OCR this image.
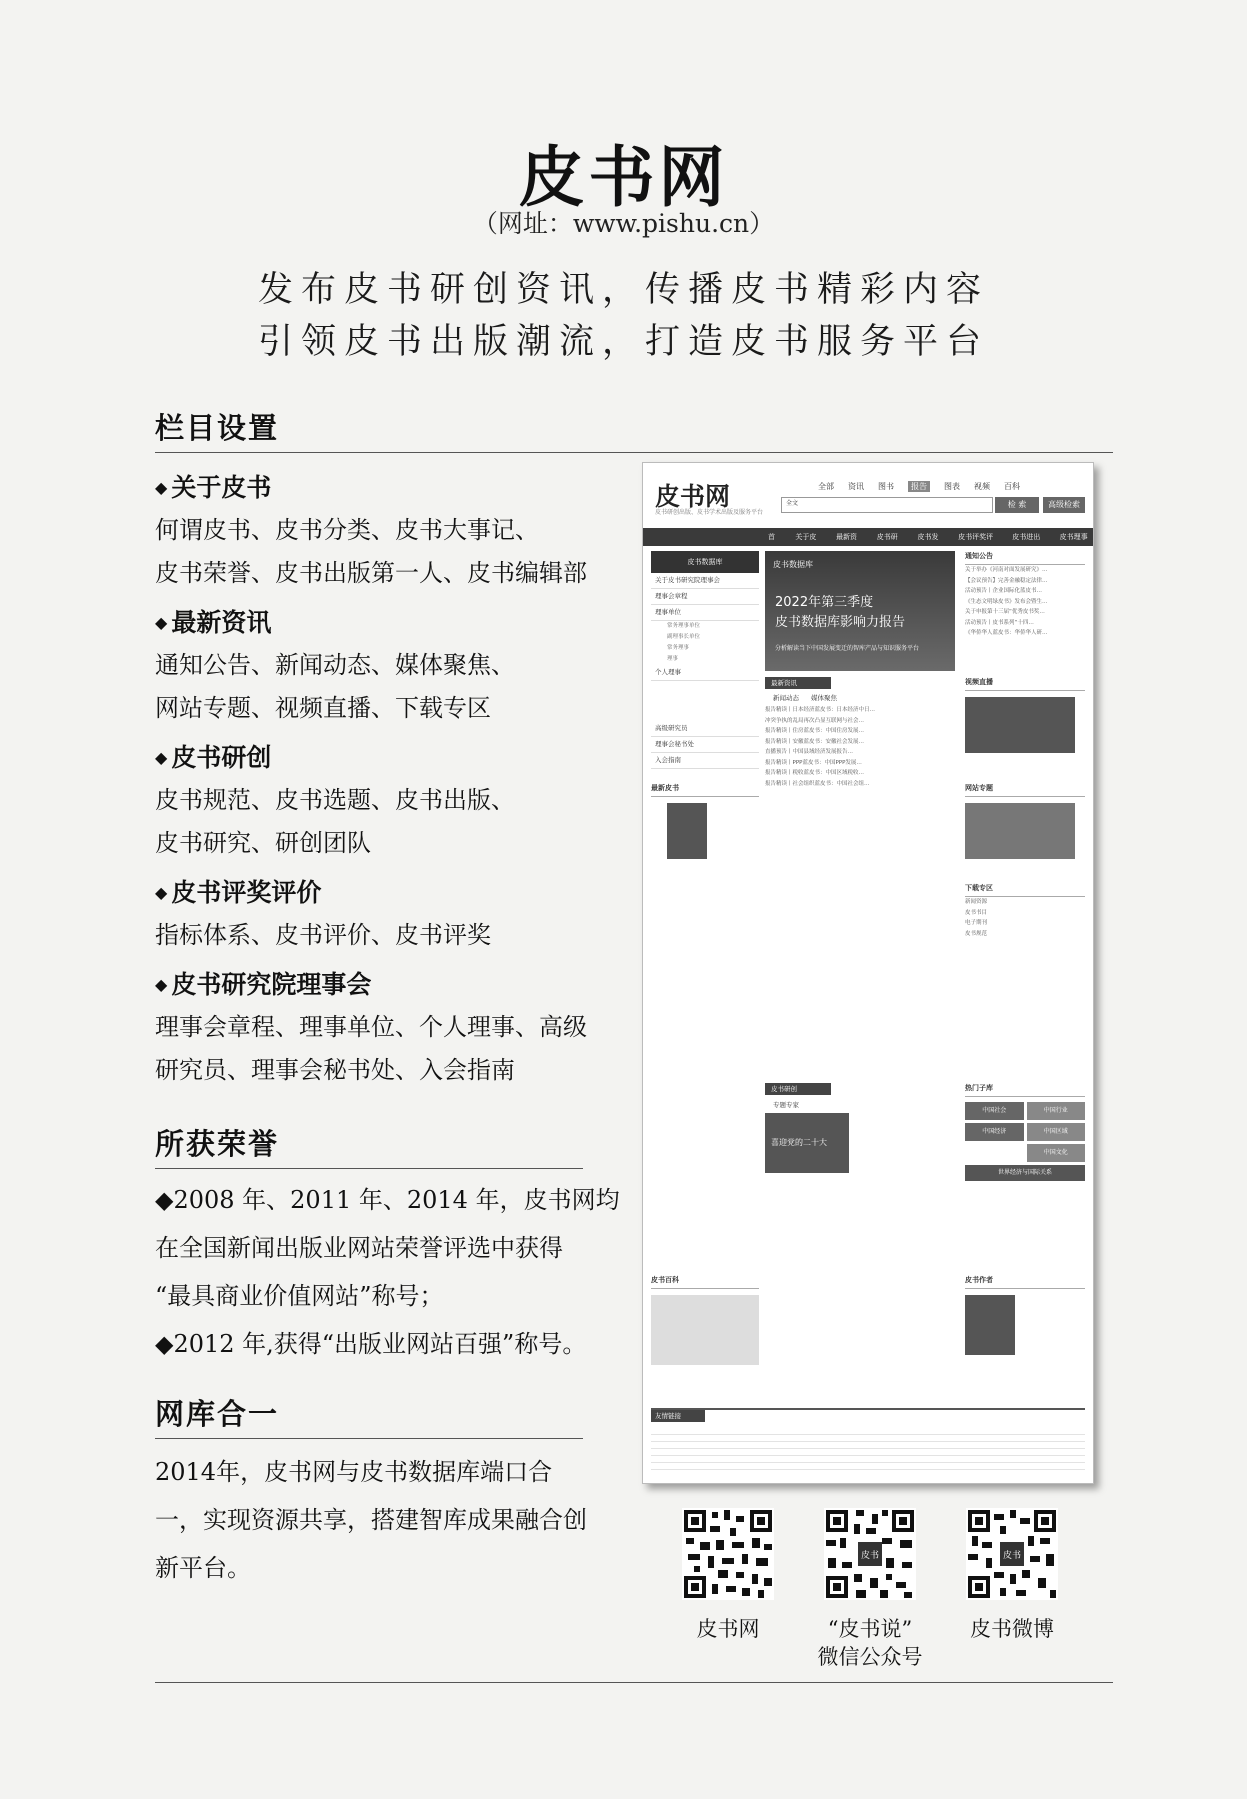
皮书网
（网址：www.pishu.cn）
发布皮书研创资讯，传播皮书精彩内容
引领皮书出版潮流，打造皮书服务平台
栏目设置

◆ 关于皮书

何谓皮书、皮书分类、皮书大事记、

皮书荣誉、皮书出版第一人、皮书编辑部

◆ 最新资讯

通知公告、新闻动态、媒体聚焦、

网站专题、视频直播、下载专区

◆ 皮书研创

皮书规范、皮书选题、皮书出版、

皮书研究、研创团队

◆ 皮书评奖评价

指标体系、皮书评价、皮书评奖

◆ 皮书研究院理事会

理事会章程、理事单位、个人理事、高级

研究员、理事会秘书处、入会指南

所获荣誉

◆2008 年、2011 年、2014 年，皮书网均

在全国新闻出版业网站荣誉评选中获得

“最具商业价值网站”称号；

◆2012 年,获得“出版业网站百强”称号。

网库合一

2014年，皮书网与皮书数据库端口合

一，实现资源共享，搭建智库成果融合创

新平台。

皮书网
皮书研创出版、皮书学术出版及服务平台
全部 资讯 图书	报告	图表 视频 百科
全文	检 索	高级检索
首	关于皮	最新资	皮书研	皮书发	皮书评奖评价
皮书进出去
皮书理事会
皮书数据库
关于皮书研究院理事会
理事会章程
理事单位
常务理事单位
副理事长单位
常务理事
理事
个人理事
高级研究员
理事会秘书处
入会指南
最新皮书
皮书数据库
2022年第三季度
皮书数据库影响力报告
分析解读当下中国发展变迁的智库产品与知识服务平台
通知公告
关于举办《河南对面发展研究》…
【会议预告】完善金融稳定法律…
活动预告丨企业国际化蓝皮书…
《生态文明绿皮书》发布会暨生…
关于申报第十三届“优秀皮书奖…
活动预告丨皮书系列“十四…
《华侨华人蓝皮书：华侨华人研…
最新资讯
新闻动态 媒体聚焦
报告精读丨日本经济蓝皮书：日本经济中日…
冲突争执的乱局再次凸显互联网与社会…
报告精读丨住房蓝皮书：中国住房发展…
报告精读丨安徽蓝皮书：安徽社会发展…
直播预告丨中国县域经济发展报告…
报告精读丨PPP蓝皮书：中国PPP发展…
报告精读丨税收蓝皮书：中国区域税收…
报告精读丨社会组织蓝皮书：中国社会组…
视频直播
网站专题
下载专区
新闻资源
皮书书目
电子期刊
皮书规范
皮书研创
专题专家
喜迎党的二十大
热门子库
中国社会	中国行业
中国经济	中国区域
中国文化
世界经济与国际关系
皮书百科	皮书作者
友情链接
皮书网
皮书
“皮书说”
微信公众号
皮书
皮书微博
